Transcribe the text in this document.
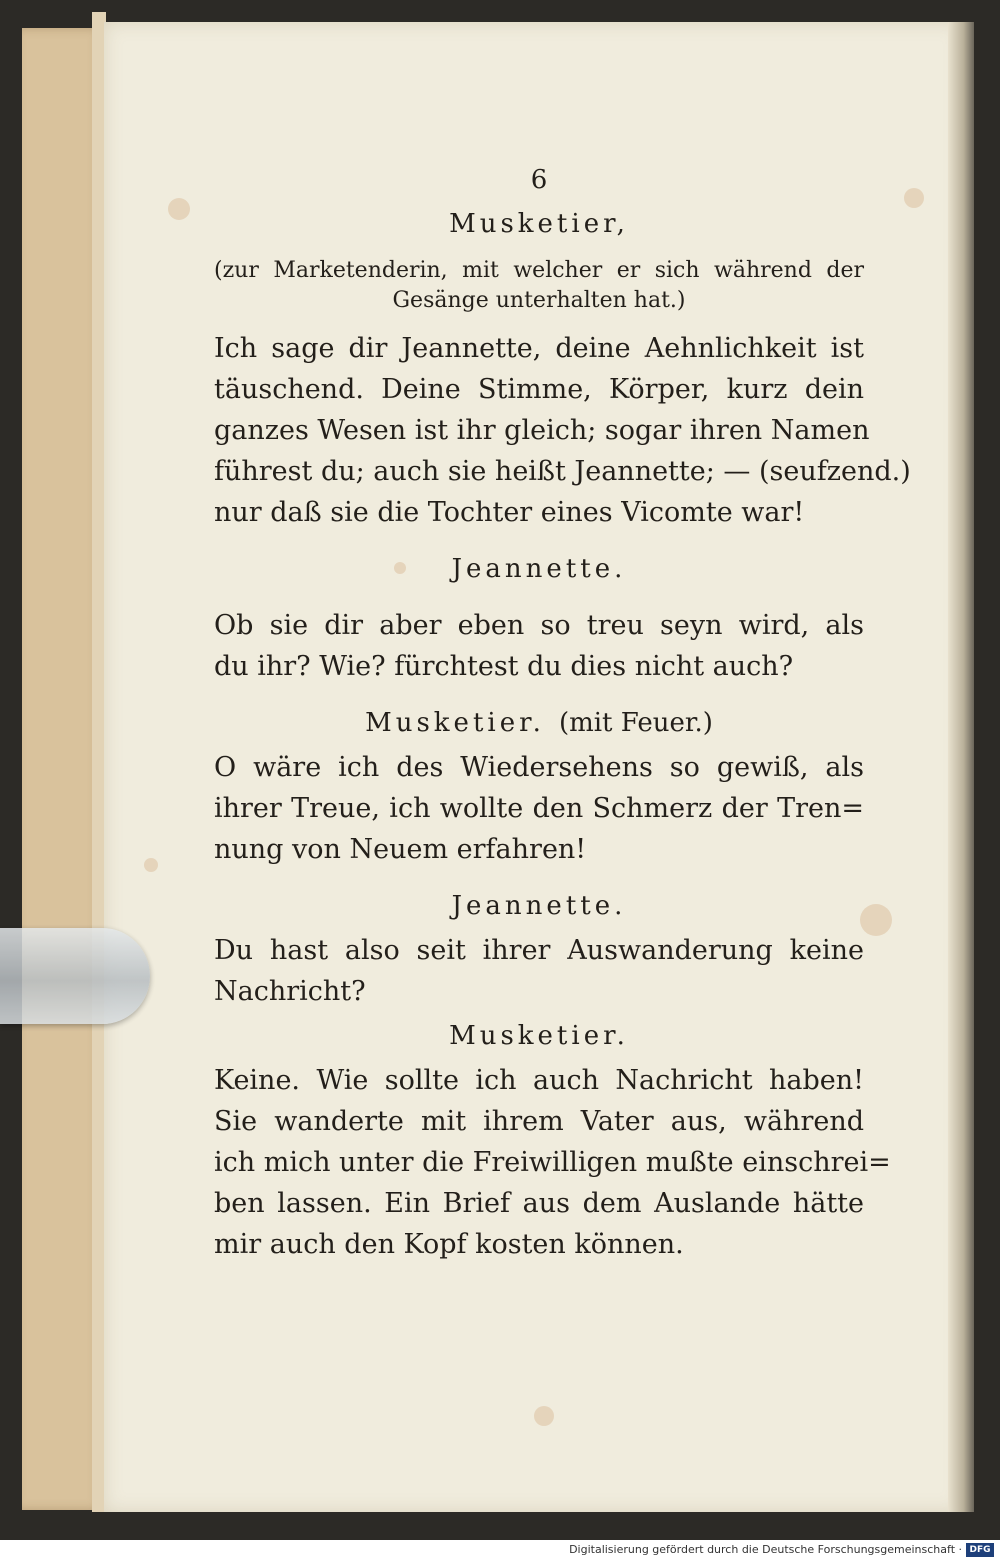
6
Musketier,
(zur Marketenderin, mit welcher er sich während der Gesänge unterhalten hat.)
Ich sage dir Jeannette, deine Aehnlichkeit ist
täuschend. Deine Stimme, Körper, kurz dein
ganzes Wesen ist ihr gleich; sogar ihren Namen
führest du; auch sie heißt Jeannette; — (seufzend.)
nur daß sie die Tochter eines Vicomte war!
Jeannette.
Ob sie dir aber eben so treu seyn wird, als
du ihr? Wie? fürchtest du dies nicht auch?
Musketier. (mit Feuer.)
O wäre ich des Wiedersehens so gewiß, als
ihrer Treue, ich wollte den Schmerz der Tren=
nung von Neuem erfahren!
Jeannette.
Du hast also seit ihrer Auswanderung keine
Nachricht?
Musketier.
Keine. Wie sollte ich auch Nachricht haben!
Sie wanderte mit ihrem Vater aus, während
ich mich unter die Freiwilligen mußte einschrei=
ben lassen. Ein Brief aus dem Auslande hätte
mir auch den Kopf kosten können.
Digitalisierung gefördert durch die Deutsche Forschungsgemeinschaft · DFG
